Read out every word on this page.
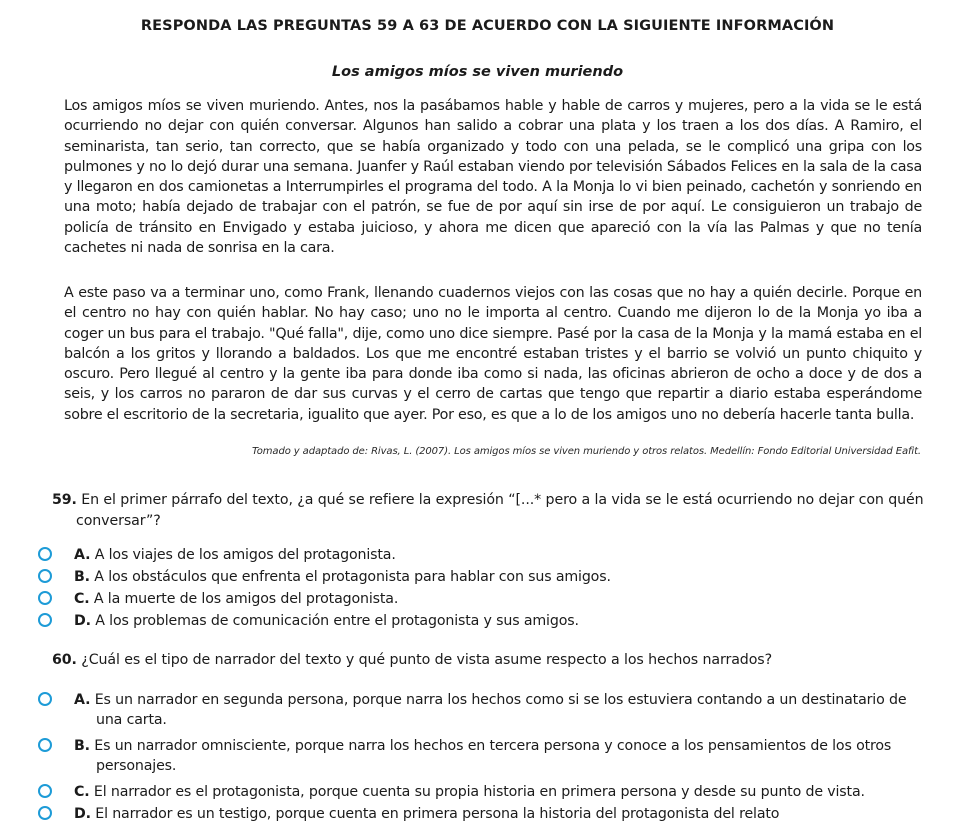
RESPONDA LAS PREGUNTAS 59 A 63 DE ACUERDO CON LA SIGUIENTE INFORMACIÓN
Los amigos míos se viven muriendo

Los amigos míos se viven muriendo. Antes, nos la pasábamos hable y hable de carros y mujeres, pero a la vida se le está ocurriendo no dejar con quién conversar. Algunos han salido a cobrar una plata y los traen a los dos días. A Ramiro, el seminarista, tan serio, tan correcto, que se había organizado y todo con una pelada, se le complicó una gripa con los pulmones y no lo dejó durar una semana. Juanfer y Raúl estaban viendo por televisión Sábados Felices en la sala de la casa y llegaron en dos camionetas a Interrumpirles el programa del todo. A la Monja lo vi bien peinado, cachetón y sonriendo en una moto; había dejado de trabajar con el patrón, se fue de por aquí sin irse de por aquí. Le consiguieron un trabajo de policía de tránsito en Envigado y estaba juicioso, y ahora me dicen que apareció con la vía las Palmas y que no tenía cachetes ni nada de sonrisa en la cara.

A este paso va a terminar uno, como Frank, llenando cuadernos viejos con las cosas que no hay a quién decirle. Porque en el centro no hay con quién hablar. No hay caso; uno no le importa al centro. Cuando me dijeron lo de la Monja yo iba a coger un bus para el trabajo. "Qué falla", dije, como uno dice siempre. Pasé por la casa de la Monja y la mamá estaba en el balcón a los gritos y llorando a baldados. Los que me encontré estaban tristes y el barrio se volvió un punto chiquito y oscuro. Pero llegué al centro y la gente iba para donde iba como si nada, las oficinas abrieron de ocho a doce y de dos a seis, y los carros no pararon de dar sus curvas y el cerro de cartas que tengo que repartir a diario estaba esperándome sobre el escritorio de la secretaria, igualito que ayer. Por eso, es que a lo de los amigos uno no debería hacerle tanta bulla.

Tomado y adaptado de: Rivas, L. (2007). Los amigos míos se viven muriendo y otros relatos. Medellín: Fondo Editorial Universidad Eafit.
59. En el primer párrafo del texto, ¿a qué se refiere la expresión “[...* pero a la vida se le está ocurriendo no dejar con quén
conversar”?
A. A los viajes de los amigos del protagonista.
B. A los obstáculos que enfrenta el protagonista para hablar con sus amigos.
C. A la muerte de los amigos del protagonista.
D. A los problemas de comunicación entre el protagonista y sus amigos.
60. ¿Cuál es el tipo de narrador del texto y qué punto de vista asume respecto a los hechos narrados?
A. Es un narrador en segunda persona, porque narra los hechos como si se los estuviera contando a un destinatario de
una carta.
B. Es un narrador omnisciente, porque narra los hechos en tercera persona y conoce a los pensamientos de los otros
personajes.
C. El narrador es el protagonista, porque cuenta su propia historia en primera persona y desde su punto de vista.
D. El narrador es un testigo, porque cuenta en primera persona la historia del protagonista del relato
